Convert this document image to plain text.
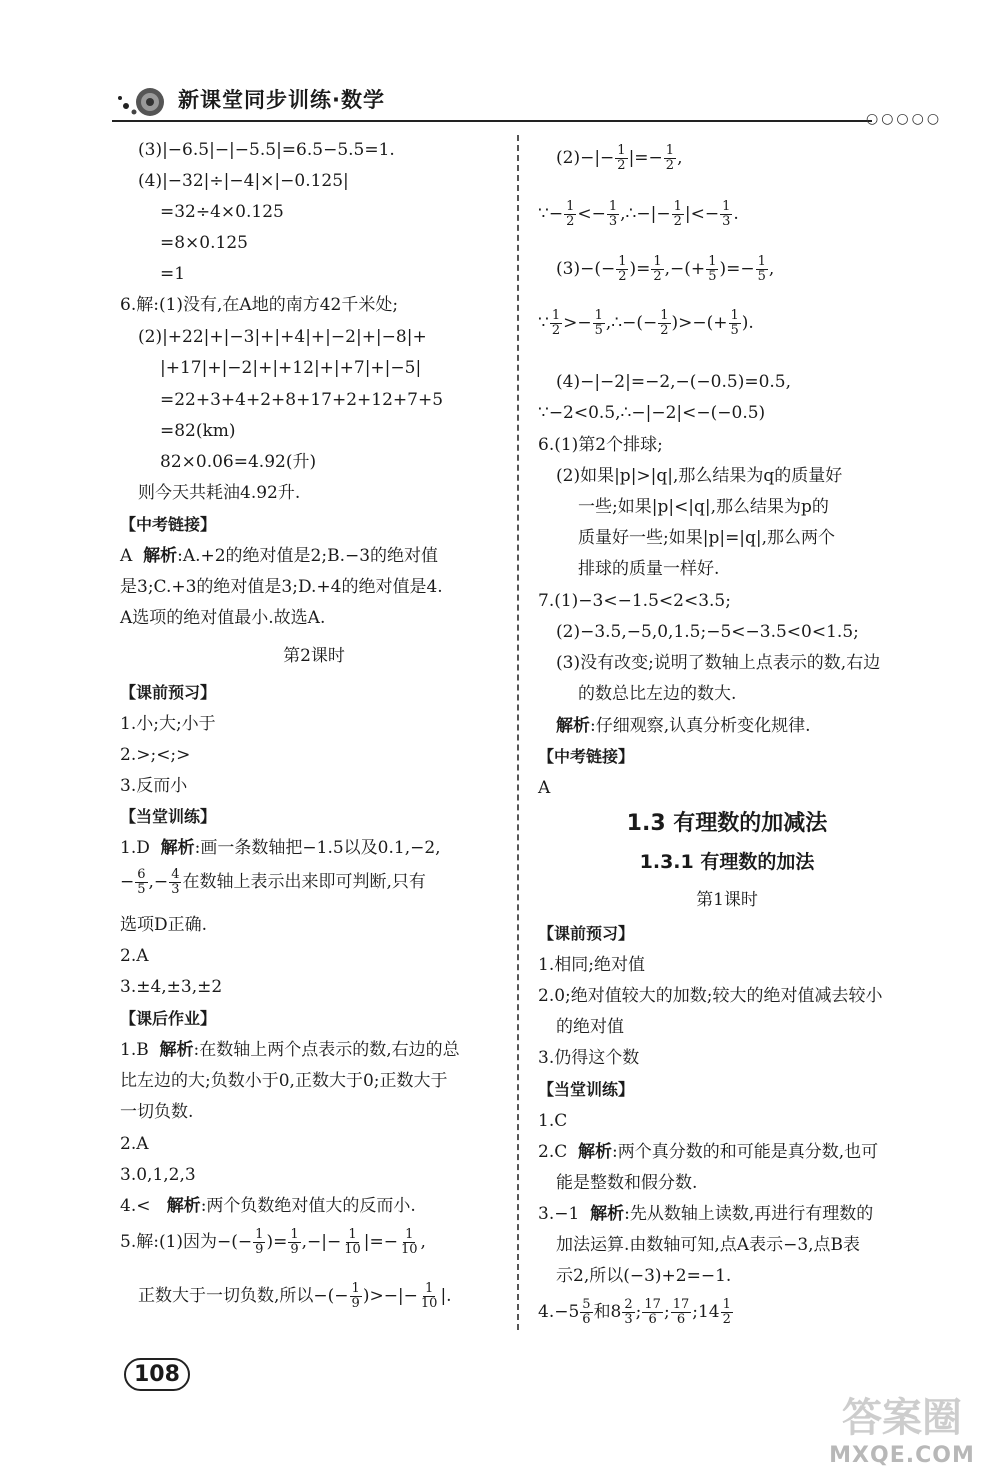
新课堂同步训练·数学
○○○○○
(3)|−6.5|−|−5.5|=6.5−5.5=1.
(4)|−32|÷|−4|×|−0.125|
=32÷4×0.125
=8×0.125
=1
6.解:(1)没有,在A地的南方42千米处;
(2)|+22|+|−3|+|+4|+|−2|+|−8|+
|+17|+|−2|+|+12|+|+7|+|−5|
=22+3+4+2+8+17+2+12+7+5
=82(km)
82×0.06=4.92(升)
则今天共耗油4.92升.
【中考链接】
A 解析:A.+2的绝对值是2;B.−3的绝对值
是3;C.+3的绝对值是3;D.+4的绝对值是4.
A选项的绝对值最小.故选A.
第2课时
【课前预习】
1.小;大;小于
2.>;<;>
3.反而小
【当堂训练】
1.D 解析:画一条数轴把−1.5以及0.1,−2,
− $\frac{6}{5}$ ,− $\frac{4}{3}$ 在数轴上表示出来即可判断,只有
选项D正确.
2.A
3.±4,±3,±2
【课后作业】
1.B 解析:在数轴上两个点表示的数,右边的总
比左边的大;负数小于0,正数大于0;正数大于
一切负数.
2.A
3.0,1,2,3
4.< 解析:两个负数绝对值大的反而小.
5.解:(1)因为−(− $\frac{1}{9}$ )= $\frac{1}{9}$ ,−|− $\frac{1}{10}$ |=− $\frac{1}{10}$ ,
正数大于一切负数,所以−(− $\frac{1}{9}$ )>−|− $\frac{1}{10}$ |.
$(2)-|- \frac{1}{2}$ |=− $\frac{1}{2}$ ,
∵− $\frac{1}{2} <- \frac{1}{3}$ ,∴−|− $\frac{1}{2}$ |<− $\frac{1}{3}$ .
$(3)-(- \frac{1}{2}$ )= $\frac{1}{2}$ ,−(+ $\frac{1}{5}$ )=− $\frac{1}{5}$ ,
∵ $\frac{1}{2} >- \frac{1}{5}$ ,∴−(− $\frac{1}{2}$ )>−(+ $\frac{1}{5}$ ).
(4)−|−2|=−2,−(−0.5)=0.5,
∵−2<0.5,∴−|−2|<−(−0.5)
6.(1)第2个排球;
(2)如果|p|>|q|,那么结果为q的质量好
一些;如果|p|<|q|,那么结果为p的
质量好一些;如果|p|=|q|,那么两个
排球的质量一样好.
7.(1)−3<−1.5<2<3.5;
(2)−3.5,−5,0,1.5;−5<−3.5<0<1.5;
(3)没有改变;说明了数轴上点表示的数,右边
的数总比左边的数大.
解析:仔细观察,认真分析变化规律.
【中考链接】
A
1.3 有理数的加减法
1.3.1 有理数的加法
第1课时
【课前预习】
1.相同;绝对值
2.0;绝对值较大的加数;较大的绝对值减去较小
的绝对值
3.仍得这个数
【当堂训练】
1.C
2.C 解析:两个真分数的和可能是真分数,也可
能是整数和假分数.
3.−1 解析:先从数轴上读数,再进行有理数的
加法运算.由数轴可知,点A表示−3,点B表
示2,所以(−3)+2=−1.
$4.-5 \frac{5}{6}$ 和$8 \frac{2}{3}$ ; $\frac{17}{6}$ ; $\frac{17}{6}$ ;14 $\frac{1}{2}$
108
答案圈
MXQE.COM
